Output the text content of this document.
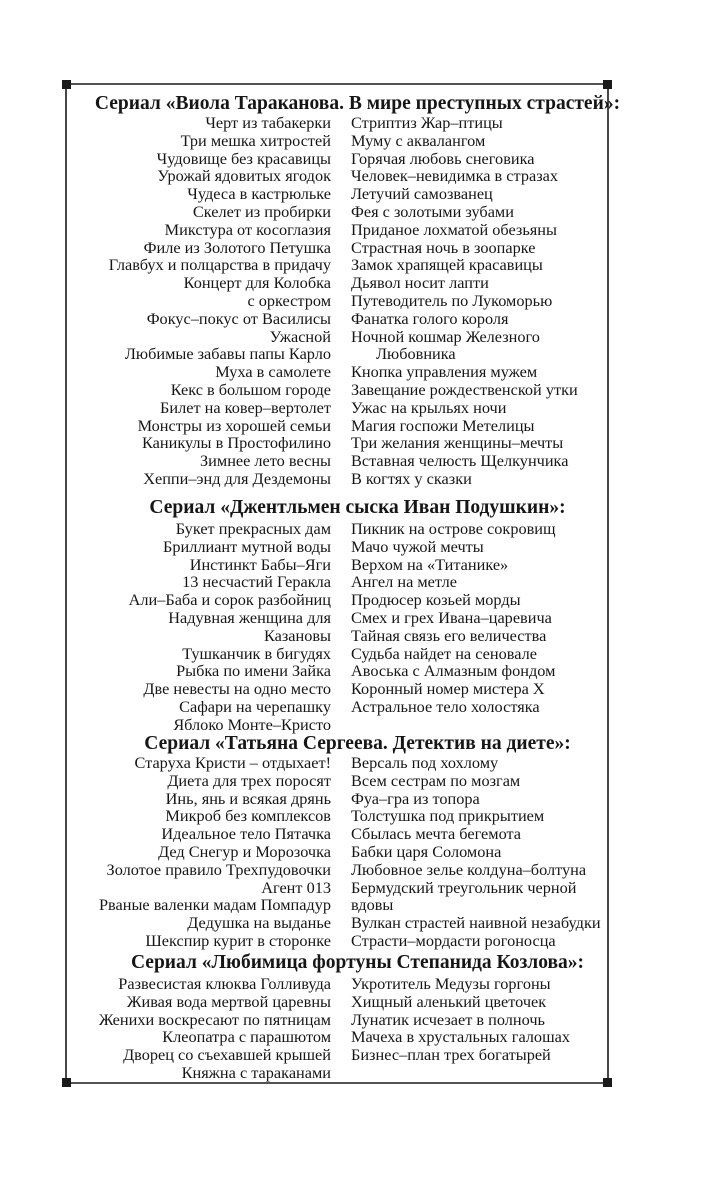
Сериал «Виола Тараканова. В мире преступных страстей»:
Черт из табакерки
Три мешка хитростей
Чудовище без красавицы
Урожай ядовитых ягодок
Чудеса в кастрюльке
Скелет из пробирки
Микстура от косоглазия
Филе из Золотого Петушка
Главбух и полцарства в придачу
Концерт для Колобка
с оркестром
Фокус–покус от Василисы
Ужасной
Любимые забавы папы Карло
Муха в самолете
Кекс в большом городе
Билет на ковер–вертолет
Монстры из хорошей семьи
Каникулы в Простофилино
Зимнее лето весны
Хеппи–энд для Дездемоны
Стриптиз Жар–птицы
Муму с аквалангом
Горячая любовь снеговика
Человек–невидимка в стразах
Летучий самозванец
Фея с золотыми зубами
Приданое лохматой обезьяны
Страстная ночь в зоопарке
Замок храпящей красавицы
Дьявол носит лапти
Путеводитель по Лукоморью
Фанатка голого короля
Ночной кошмар Железного
Любовника
Кнопка управления мужем
Завещание рождественской утки
Ужас на крыльях ночи
Магия госпожи Метелицы
Три желания женщины–мечты
Вставная челюсть Щелкунчика
В когтях у сказки
Сериал «Джентльмен сыска Иван Подушкин»:
Букет прекрасных дам
Бриллиант мутной воды
Инстинкт Бабы–Яги
13 несчастий Геракла
Али–Баба и сорок разбойниц
Надувная женщина для
Казановы
Тушканчик в бигудях
Рыбка по имени Зайка
Две невесты на одно место
Сафари на черепашку
Яблоко Монте–Кристо
Пикник на острове сокровищ
Мачо чужой мечты
Верхом на «Титанике»
Ангел на метле
Продюсер козьей морды
Смех и грех Ивана–царевича
Тайная связь его величества
Судьба найдет на сеновале
Авоська с Алмазным фондом
Коронный номер мистера Х
Астральное тело холостяка
Сериал «Татьяна Сергеева. Детектив на диете»:
Старуха Кристи – отдыхает!
Диета для трех поросят
Инь, янь и всякая дрянь
Микроб без комплексов
Идеальное тело Пятачка
Дед Снегур и Морозочка
Золотое правило Трехпудовочки
Агент 013
Рваные валенки мадам Помпадур
Дедушка на выданье
Шекспир курит в сторонке
Версаль под хохлому
Всем сестрам по мозгам
Фуа–гра из топора
Толстушка под прикрытием
Сбылась мечта бегемота
Бабки царя Соломона
Любовное зелье колдуна–болтуна
Бермудский треугольник черной
вдовы
Вулкан страстей наивной незабудки
Страсти–мордасти рогоносца
Сериал «Любимица фортуны Степанида Козлова»:
Развесистая клюква Голливуда
Живая вода мертвой царевны
Женихи воскресают по пятницам
Клеопатра с парашютом
Дворец со съехавшей крышей
Княжна с тараканами
Укротитель Медузы горгоны
Хищный аленький цветочек
Лунатик исчезает в полночь
Мачеха в хрустальных галошах
Бизнес–план трех богатырей
